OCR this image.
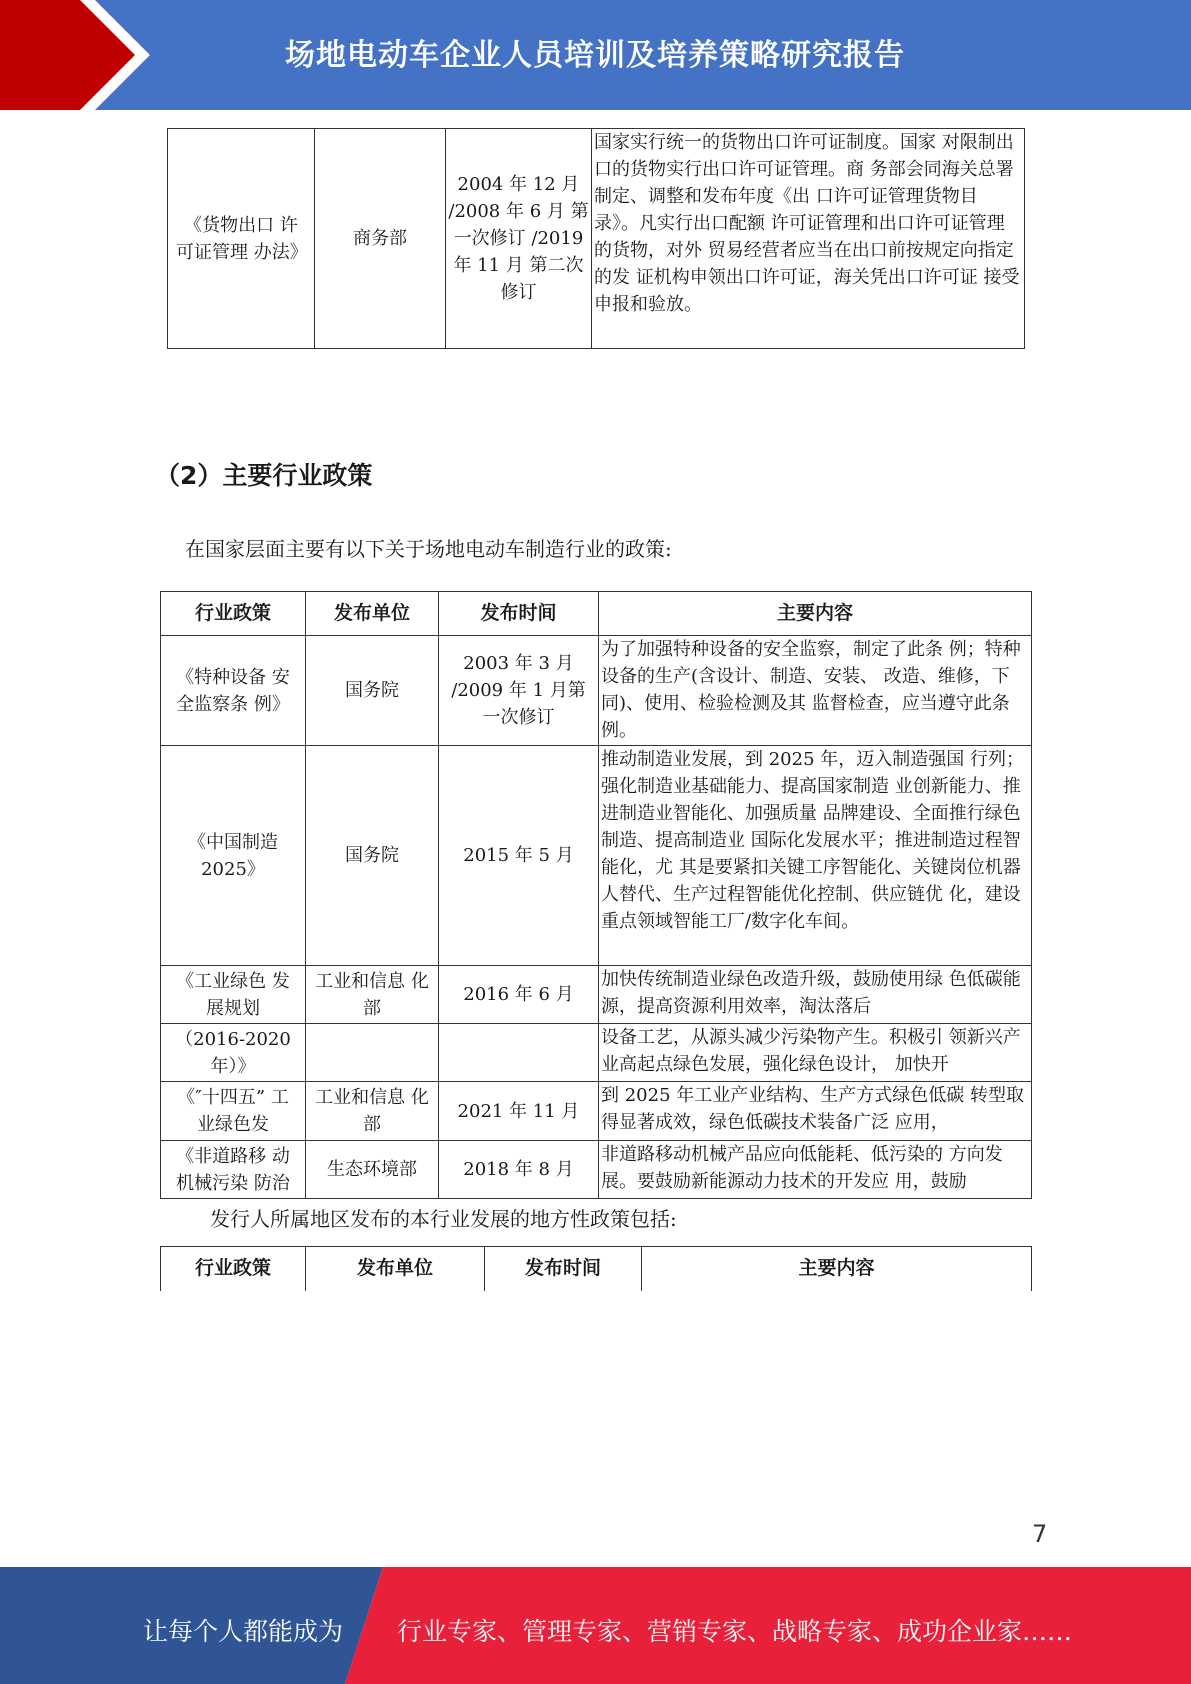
场地电动车企业人员培训及培养策略研究报告
《货物出口 许可证管理 办法》	商务部	2004 年 12 月 /2008 年 6 月 第一次修订 /2019 年 11 月 第二次修订	国家实行统一的货物出口许可证制度。国家 对限制出口的货物实行出口许可证管理。商 务部会同海关总署制定、调整和发布年度《出 口许可证管理货物目录》。凡实行出口配额 许可证管理和出口许可证管理的货物，对外 贸易经营者应当在出口前按规定向指定的发 证机构申领出口许可证，海关凭出口许可证 接受申报和验放。
（2）主要行业政策
在国家层面主要有以下关于场地电动车制造行业的政策:
行业政策	发布单位	发布时间	主要内容
《特种设备 安全监察条 例》	国务院	2003 年 3 月 /2009 年 1 月第一次修订	为了加强特种设备的安全监察，制定了此条 例；特种设备的生产(含设计、制造、安装、 改造、维修，下同)、使用、检验检测及其 监督检查，应当遵守此条例。
《中国制造 2025》	国务院	2015 年 5 月	推动制造业发展，到 2025 年，迈入制造强国 行列；强化制造业基础能力、提高国家制造 业创新能力、推进制造业智能化、加强质量 品牌建设、全面推行绿色制造、提高制造业 国际化发展水平；推进制造过程智能化，尤 其是要紧扣关键工序智能化、关键岗位机器 人替代、生产过程智能优化控制、供应链优 化，建设重点领域智能工厂/数字化车间。
《工业绿色 发展规划	工业和信息 化部	2016 年 6 月	加快传统制造业绿色改造升级，鼓励使用绿 色低碳能源，提高资源利用效率，淘汰落后
（2016-2020 年）》			设备工艺，从源头减少污染物产生。积极引 领新兴产业高起点绿色发展，强化绿色设计， 加快开
《″十四五” 工业绿色发	工业和信息 化部	2021 年 11 月	到 2025 年工业产业结构、生产方式绿色低碳 转型取得显著成效，绿色低碳技术装备广泛 应用，
《非道路移 动机械污染 防治	生态环境部	2018 年 8 月	非道路移动机械产品应向低能耗、低污染的 方向发展。要鼓励新能源动力技术的开发应 用，鼓励
发行人所属地区发布的本行业发展的地方性政策包括:
行业政策	发布单位	发布时间	主要内容
7
让每个人都能成为 行业专家、管理专家、营销专家、战略专家、成功企业家……
